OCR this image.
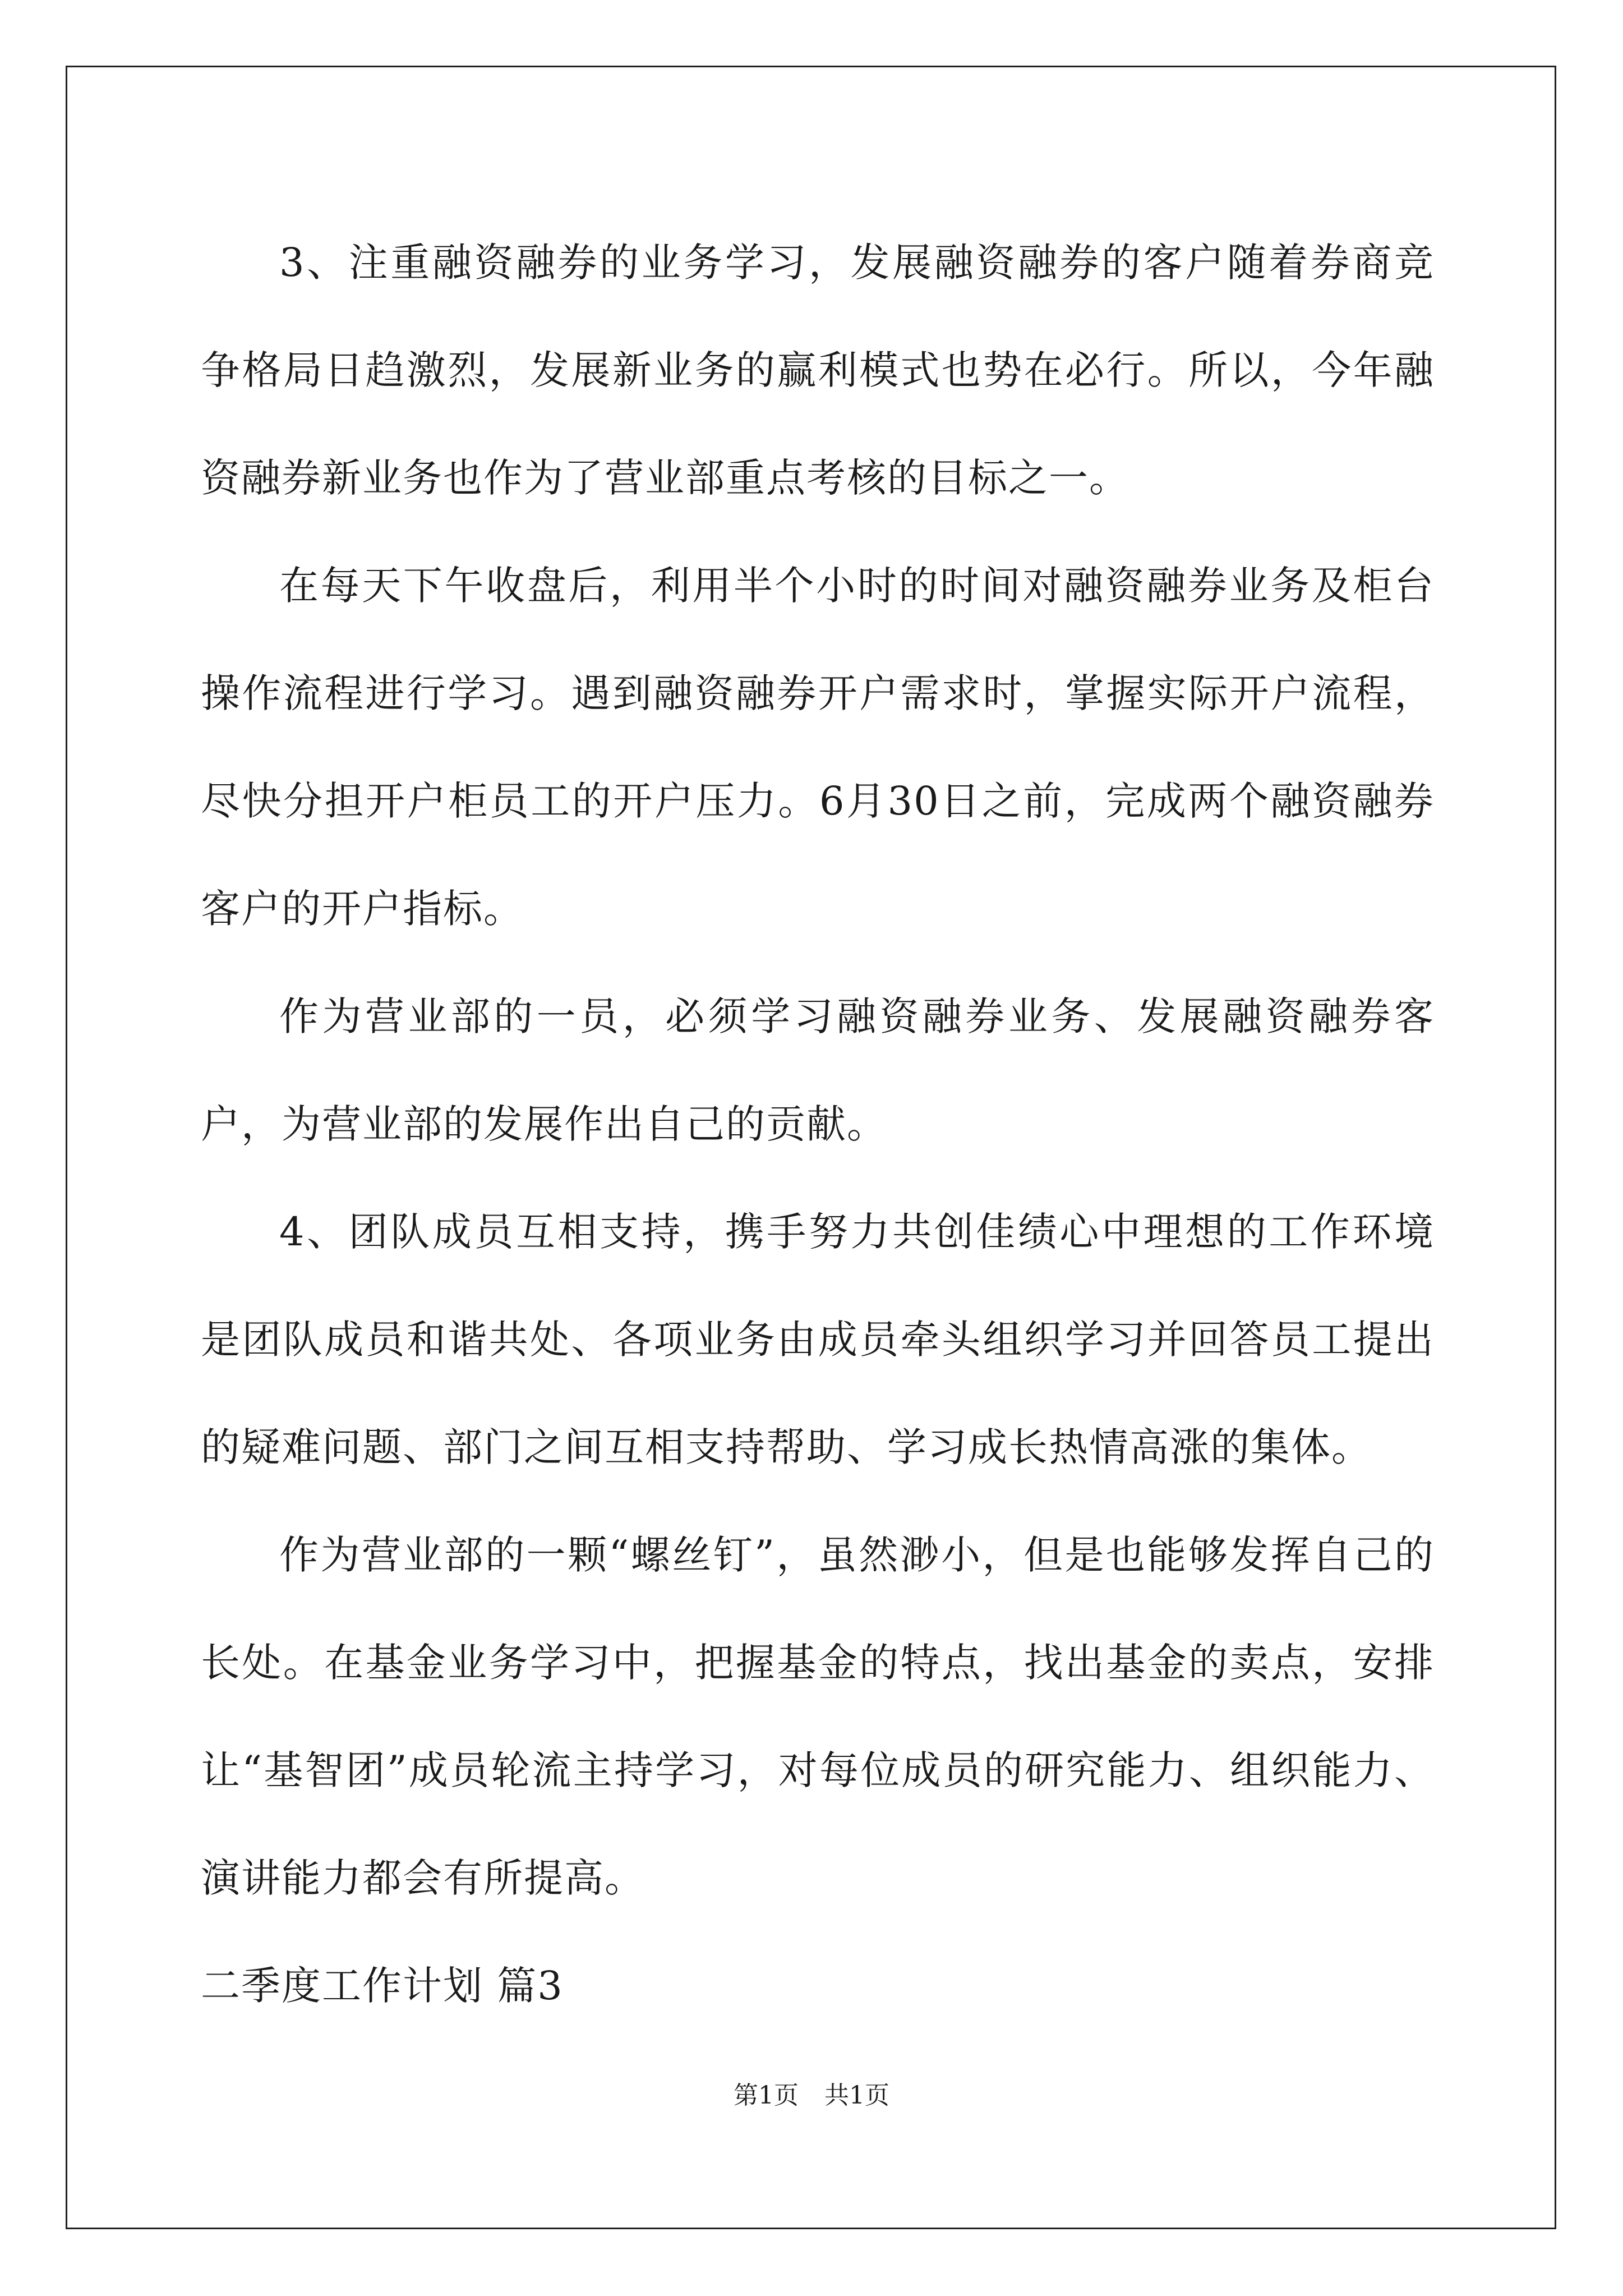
3、注重融资融券的业务学习，发展融资融券的客户随着券商竞争格局日趋激烈，发展新业务的赢利模式也势在必行。所以，今年融资融券新业务也作为了营业部重点考核的目标之一。

在每天下午收盘后，利用半个小时的时间对融资融券业务及柜台操作流程进行学习。遇到融资融券开户需求时，掌握实际开户流程，尽快分担开户柜员工的开户压力。6月30日之前，完成两个融资融券客户的开户指标。

作为营业部的一员，必须学习融资融券业务、发展融资融券客户，为营业部的发展作出自己的贡献。

4、团队成员互相支持，携手努力共创佳绩心中理想的工作环境是团队成员和谐共处、各项业务由成员牵头组织学习并回答员工提出的疑难问题、部门之间互相支持帮助、学习成长热情高涨的集体。

作为营业部的一颗“螺丝钉”，虽然渺小，但是也能够发挥自己的长处。在基金业务学习中，把握基金的特点，找出基金的卖点，安排让“基智团”成员轮流主持学习，对每位成员的研究能力、组织能力、演讲能力都会有所提高。

二季度工作计划 篇3

第1页 共1页
